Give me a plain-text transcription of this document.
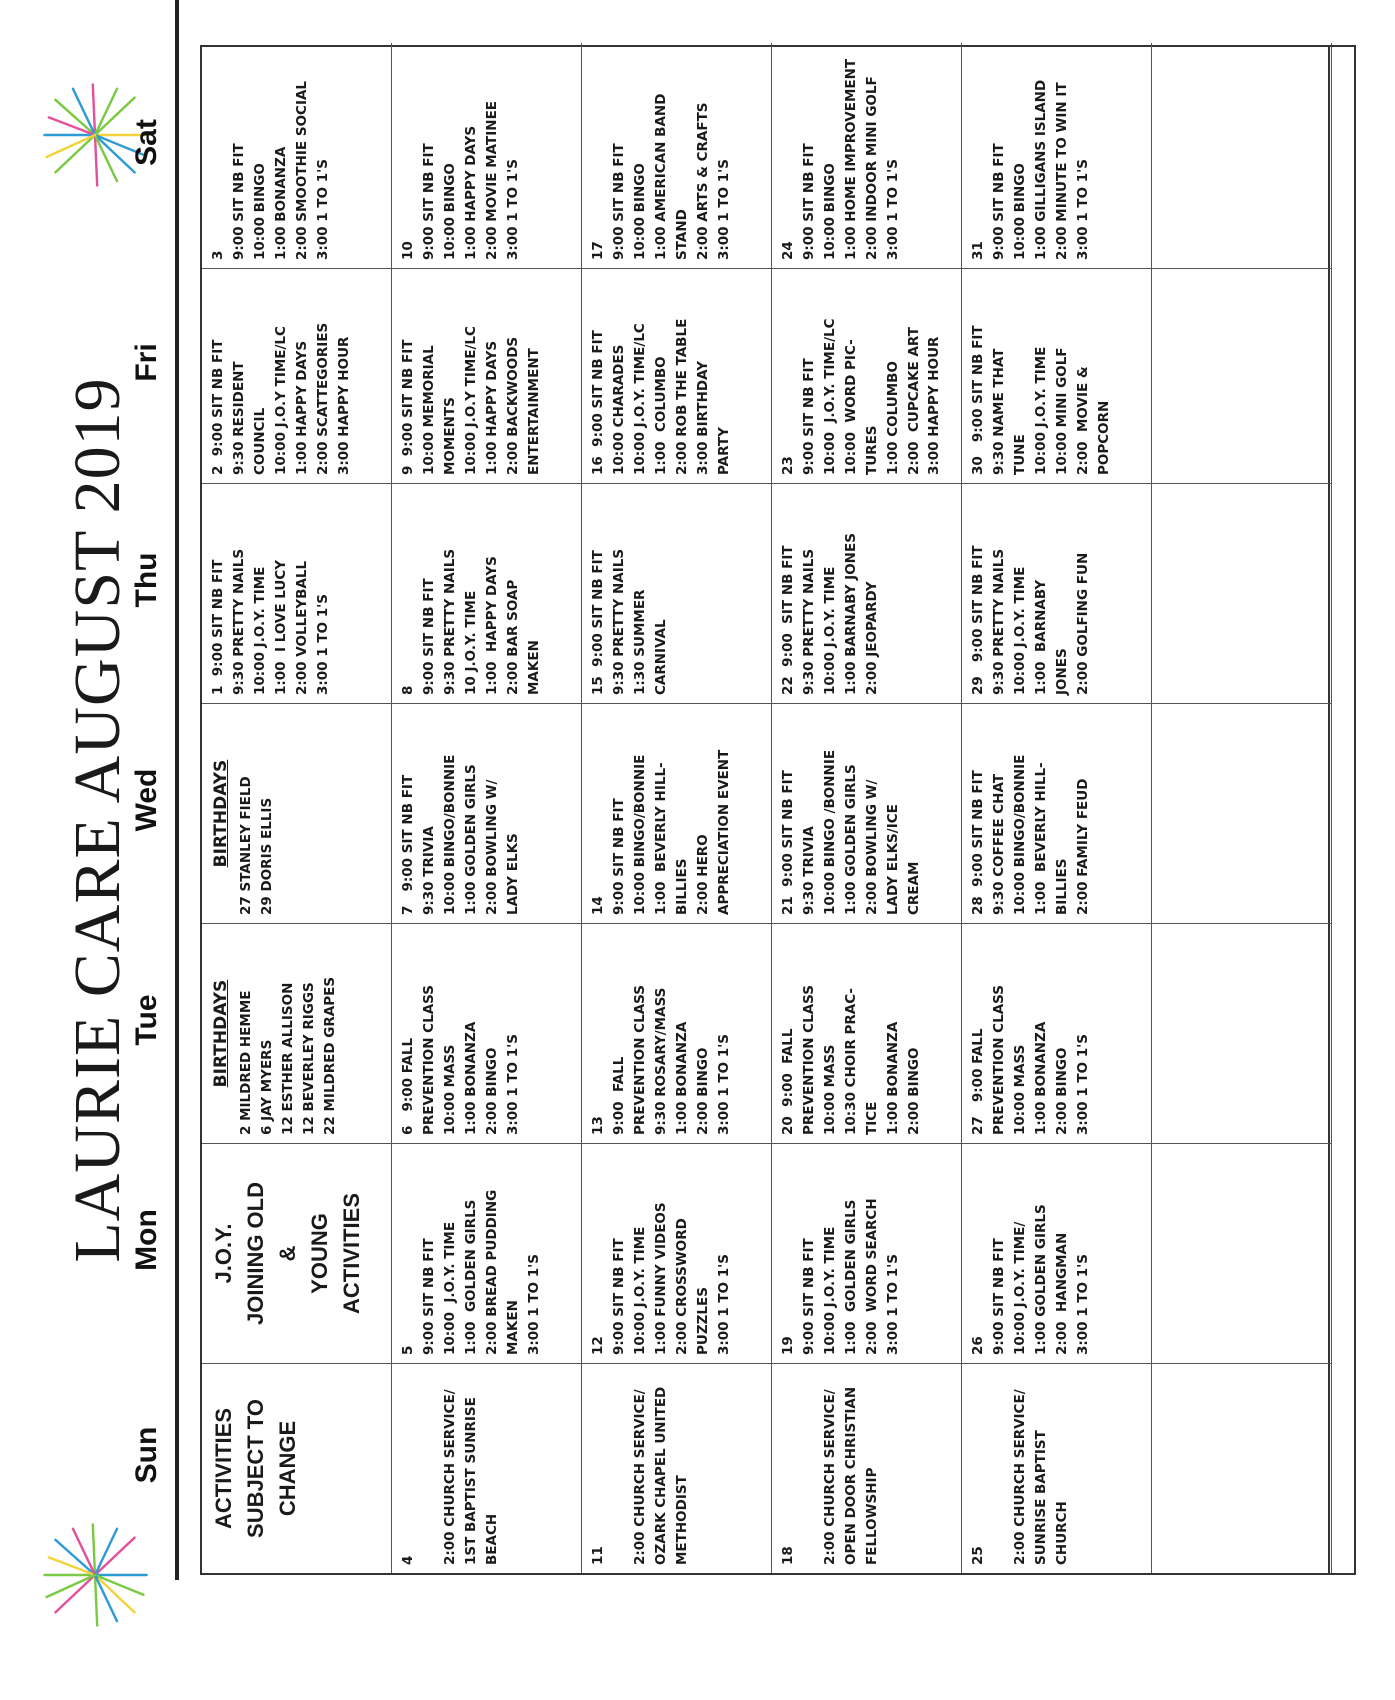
LAURIE CARE AUGUST 2019
Sun
Mon
Tue
Wed
Thu
Fri
Sat
ACTIVITIES SUBJECT TO CHANGE
J.O.Y. JOINING OLD & YOUNG ACTIVITIES
BIRTHDAYS 2 MILDRED HEMME 6 JAY MYERS 12 ESTHER ALLISON 12 BEVERLEY RIGGS 22 MILDRED GRAPES
BIRTHDAYS 27 STANLEY FIELD 29 DORIS ELLIS
1  9:00 SIT NB FIT 9:30 PRETTY NAILS 10:00 J.O.Y. TIME 1:00  I LOVE LUCY 2:00 VOLLEYBALL 3:00 1 TO 1'S
2  9:00 SIT NB FIT 9:30 RESIDENT COUNCIL 10:00 J.O.Y TIME/LC 1:00 HAPPY DAYS 2:00 SCATTEGORIES 3:00 HAPPY HOUR
3 9:00 SIT NB FIT 10:00 BINGO 1:00 BONANZA 2:00 SMOOTHIE SOCIAL 3:00 1 TO 1'S
4
2:00 CHURCH SERVICE/ 1ST BAPTIST SUNRISE BEACH
5 9:00 SIT NB FIT 10:00  J.O.Y. TIME 1:00  GOLDEN GIRLS 2:00 BREAD PUDDING MAKEN 3:00 1 TO 1'S
6   9:00 FALL PREVENTION CLASS 10:00 MASS 1:00 BONANZA 2:00 BINGO 3:00 1 TO 1'S
7   9:00 SIT NB FIT 9:30 TRIVIA 10:00 BINGO/BONNIE 1:00 GOLDEN GIRLS 2:00 BOWLING W/ LADY ELKS
8 9:00 SIT NB FIT 9:30 PRETTY NAILS 10 J.O.Y. TIME 1:00  HAPPY DAYS 2:00 BAR SOAP MAKEN
9  9:00 SIT NB FIT 10:00 MEMORIAL MOMENTS 10:00 J.O.Y TIME/LC 1:00 HAPPY DAYS 2:00 BACKWOODS ENTERTAINMENT
10 9:00 SIT NB FIT 10:00 BINGO 1:00 HAPPY DAYS 2:00 MOVIE MATINEE 3:00 1 TO 1'S
11
2:00 CHURCH SERVICE/ OZARK CHAPEL UNITED METHODIST
12 9:00 SIT NB FIT 10:00 J.O.Y. TIME 1:00 FUNNY VIDEOS 2:00 CROSSWORD PUZZLES 3:00 1 TO 1'S
13 9:00  FALL PREVENTION CLASS 9:30 ROSARY/MASS 1:00 BONANZA 2:00 BINGO 3:00 1 TO 1'S
14 9:00 SIT NB FIT 10:00 BINGO/BONNIE 1:00  BEVERLY HILL- BILLIES 2:00 HERO APPRECIATION EVENT
15  9:00 SIT NB FIT 9:30 PRETTY NAILS 1:30 SUMMER CARNIVAL
16  9:00 SIT NB FIT 10:00 CHARADES 10:00 J.O.Y. TIME/LC 1:00  COLUMBO 2:00 ROB THE TABLE 3:00 BIRTHDAY PARTY
17 9:00 SIT NB FIT 10:00 BINGO 1:00 AMERICAN BAND STAND 2:00 ARTS & CRAFTS 3:00 1 TO 1'S
18
2:00 CHURCH SERVICE/ OPEN DOOR CHRISTIAN FELLOWSHIP
19 9:00 SIT NB FIT 10:00 J.O.Y. TIME 1:00  GOLDEN GIRLS 2:00  WORD SEARCH 3:00 1 TO 1'S
20  9:00  FALL PREVENTION CLASS 10:00 MASS 10:30 CHOIR PRAC- TICE 1:00 BONANZA 2:00 BINGO
21  9:00 SIT NB FIT 9:30 TRIVIA 10:00 BINGO /BONNIE 1:00 GOLDEN GIRLS 2:00 BOWLING W/ LADY ELKS/ICE CREAM
22  9:00  SIT NB FIT 9:30 PRETTY NAILS 10:00 J.O.Y. TIME 1:00 BARNABY JONES 2:00 JEOPARDY
23 9:00 SIT NB FIT 10:00  J.O.Y. TIME/LC 10:00  WORD PIC- TURES 1:00 COLUMBO 2:00  CUPCAKE ART 3:00 HAPPY HOUR
24 9:00 SIT NB FIT 10:00 BINGO 1:00 HOME IMPROVEMENT 2:00 INDOOR MINI GOLF 3:00 1 TO 1'S
25
2:00 CHURCH SERVICE/ SUNRISE BAPTIST CHURCH
26 9:00 SIT NB FIT 10:00 J.O.Y. TIME/ 1:00 GOLDEN GIRLS 2:00  HANGMAN 3:00 1 TO 1'S
27   9:00 FALL PREVENTION CLASS 10:00 MASS 1:00 BONANZA 2:00 BINGO 3:00 1 TO 1'S
28  9:00 SIT NB FIT 9:30 COFFEE CHAT 10:00 BINGO/BONNIE 1:00  BEVERLY HILL- BILLIES 2:00 FAMILY FEUD
29   9:00 SIT NB FIT 9:30 PRETTY NAILS 10:00 J.O.Y. TIME 1:00  BARNABY JONES 2:00 GOLFING FUN
30   9:00 SIT NB FIT 9:30 NAME THAT TUNE 10:00 J.O.Y. TIME 10:00 MINI GOLF 2:00  MOVIE & POPCORN
31 9:00 SIT NB FIT 10:00 BINGO 1:00 GILLIGANS ISLAND 2:00 MINUTE TO WIN IT 3:00 1 TO 1'S
